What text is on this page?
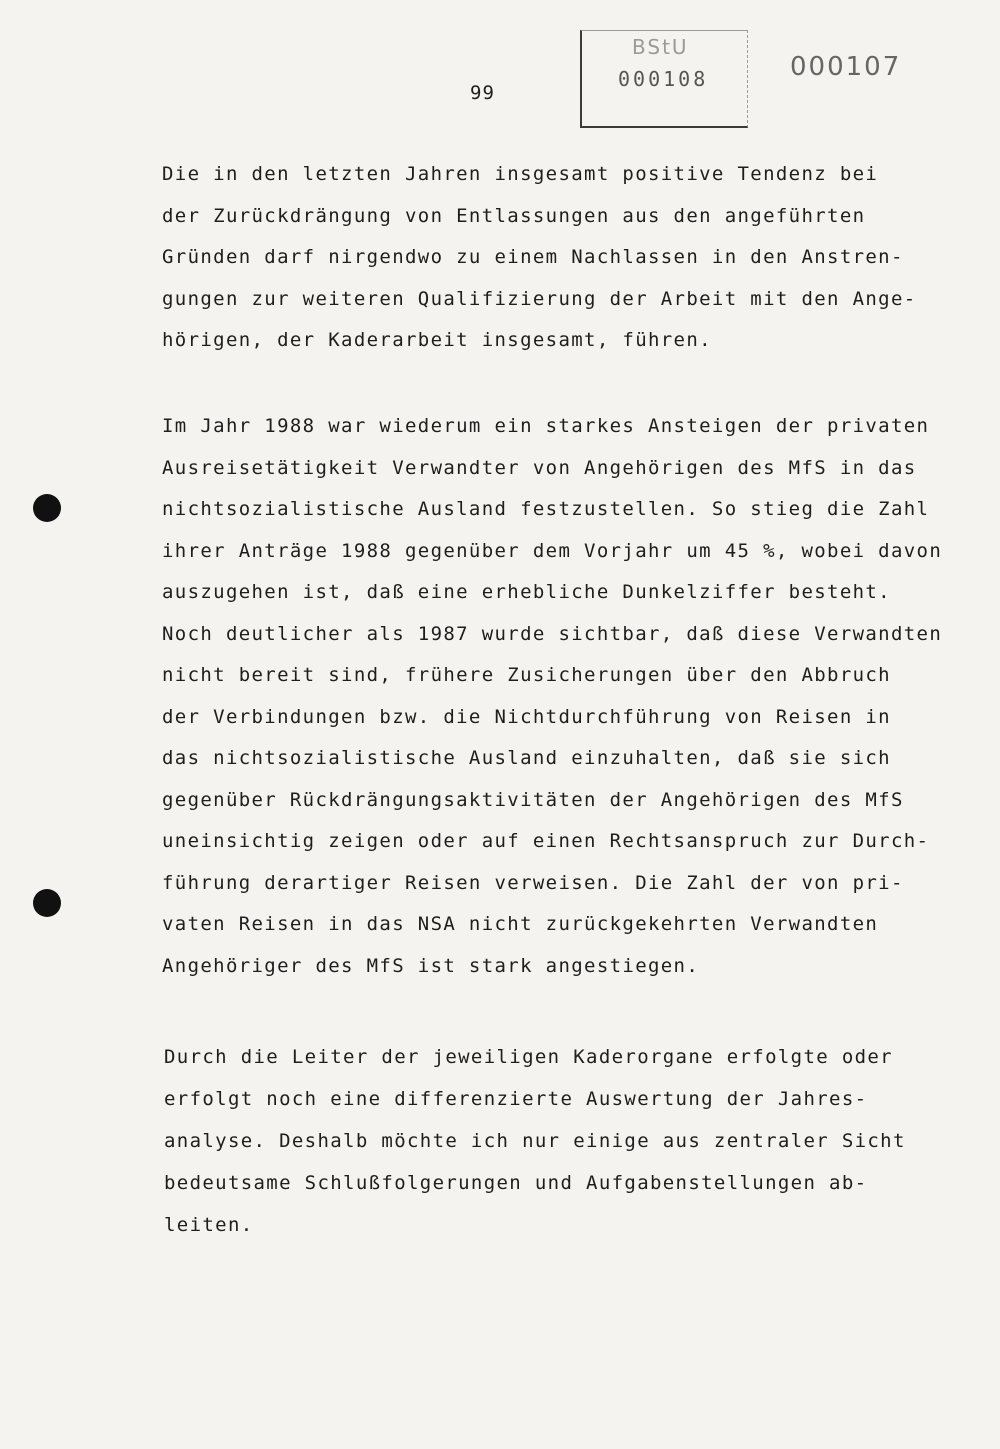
99
BStU
000108	000107
Die in den letzten Jahren insgesamt positive Tendenz bei
der Zurückdrängung von Entlassungen aus den angeführten
Gründen darf nirgendwo zu einem Nachlassen in den Anstren-
gungen zur weiteren Qualifizierung der Arbeit mit den Ange-
hörigen, der Kaderarbeit insgesamt, führen.
Im Jahr 1988 war wiederum ein starkes Ansteigen der privaten
Ausreisetätigkeit Verwandter von Angehörigen des MfS in das
nichtsozialistische Ausland festzustellen. So stieg die Zahl
ihrer Anträge 1988 gegenüber dem Vorjahr um 45 %, wobei davon
auszugehen ist, daß eine erhebliche Dunkelziffer besteht.
Noch deutlicher als 1987 wurde sichtbar, daß diese Verwandten
nicht bereit sind, frühere Zusicherungen über den Abbruch
der Verbindungen bzw. die Nichtdurchführung von Reisen in
das nichtsozialistische Ausland einzuhalten, daß sie sich
gegenüber Rückdrängungsaktivitäten der Angehörigen des MfS
uneinsichtig zeigen oder auf einen Rechtsanspruch zur Durch-
führung derartiger Reisen verweisen. Die Zahl der von pri-
vaten Reisen in das NSA nicht zurückgekehrten Verwandten
Angehöriger des MfS ist stark angestiegen.
Durch die Leiter der jeweiligen Kaderorgane erfolgte oder
erfolgt noch eine differenzierte Auswertung der Jahres-
analyse. Deshalb möchte ich nur einige aus zentraler Sicht
bedeutsame Schlußfolgerungen und Aufgabenstellungen ab-
leiten.
